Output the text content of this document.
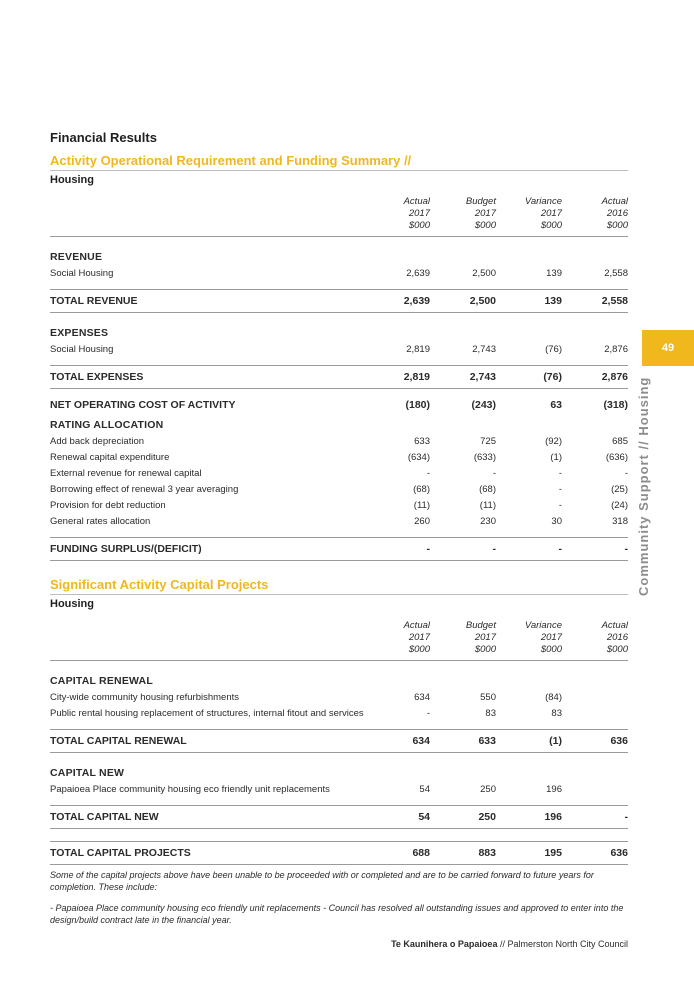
Financial Results
Activity Operational Requirement and Funding Summary //
Housing
	Actual	Budget	Variance	Actual
	2017	2017	2017	2016
	$000	$000	$000	$000
REVENUE				
Social Housing	2,639	2,500	139	2,558

TOTAL REVENUE	2,639	2,500	139	2,558
EXPENSES				
Social Housing	2,819	2,743	(76)	2,876

TOTAL EXPENSES	2,819	2,743	(76)	2,876
NET OPERATING COST OF ACTIVITY	(180)	(243)	63	(318)
RATING ALLOCATION				
Add back depreciation	633	725	(92)	685
Renewal capital expenditure	(634)	(633)	(1)	(636)
External revenue for renewal capital	-	-	-	-
Borrowing effect of renewal 3 year averaging	(68)	(68)	-	(25)
Provision for debt reduction	(11)	(11)	-	(24)
General rates allocation	260	230	30	318

FUNDING SURPLUS/(DEFICIT)	-	-	-	-
Significant Activity Capital Projects
Housing
	Actual	Budget	Variance	Actual
	2017	2017	2017	2016
	$000	$000	$000	$000
CAPITAL RENEWAL				
City-wide community housing refurbishments	634	550	(84)	
Public rental housing replacement of structures, internal fitout and services	-	83	83	

TOTAL CAPITAL RENEWAL	634	633	(1)	636
CAPITAL NEW				
Papaioea Place community housing eco friendly unit replacements	54	250	196	

TOTAL CAPITAL NEW	54	250	196	-

TOTAL CAPITAL PROJECTS	688	883	195	636
Some of the capital projects above have been unable to be proceeded with or completed and are to be carried forward to future years for completion. These include:
- Papaioea Place community housing eco friendly unit replacements - Council has resolved all outstanding issues and approved to enter into the design/build contract late in the financial year.
Te Kaunihera o Papaioea // Palmerston North City Council
49
Community Support // Housing
